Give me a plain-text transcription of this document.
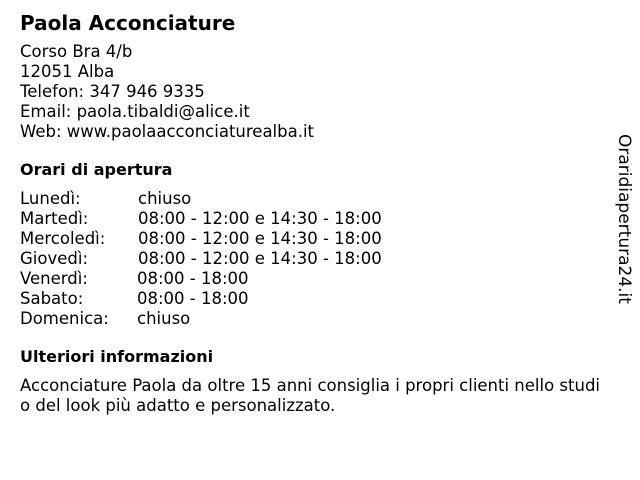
Paola Acconciature
Corso Bra 4/b
12051 Alba
Telefon: 347 946 9335
Email: paola.tibaldi@alice.it
Web: www.paolaacconciaturealba.it
Orari di apertura
Lunedì:	chiuso
Martedì:	08:00 - 12:00 e 14:30 - 18:00
Mercoledì: 08:00 - 12:00 e 14:30 - 18:00
Giovedì:	08:00 - 12:00 e 14:30 - 18:00
Venerdì:	08:00 - 18:00
Sabato:	08:00 - 18:00
Domenica: chiuso
Ulteriori informazioni
Acconciature Paola da oltre 15 anni consiglia i propri clienti nello studio del look più adatto e personalizzato.
Oraridiapertura24.it
